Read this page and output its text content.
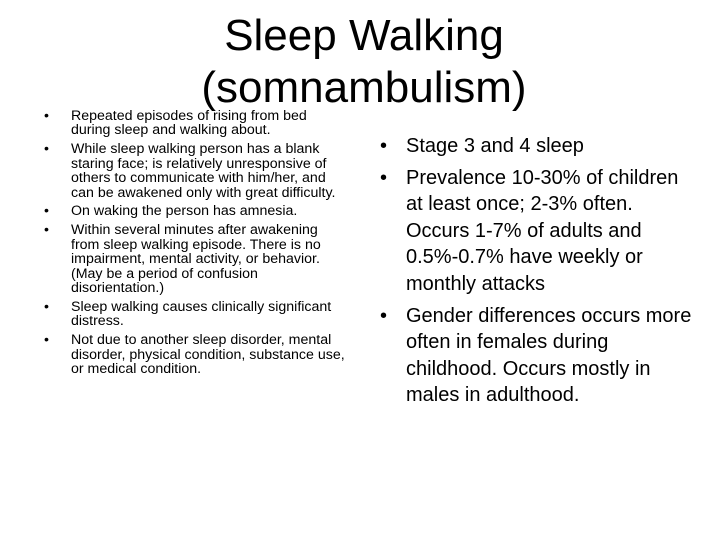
Sleep Walking
(somnambulism)
• Repeated episodes of rising from bed during sleep and walking about.
• While sleep walking person has a blank staring face; is relatively unresponsive of others to communicate with him/her, and can be awakened only with great difficulty.
• On waking the person has amnesia.
• Within several minutes after awakening from sleep walking episode. There is no impairment, mental activity, or behavior. (May be a period of confusion disorientation.)
• Sleep walking causes clinically significant distress.
• Not due to another sleep disorder, mental disorder, physical condition, substance use, or medical condition.
• Stage 3 and 4 sleep
• Prevalence 10-30% of children at least once; 2-3% often. Occurs 1-7% of adults and 0.5%-0.7% have weekly or monthly attacks
• Gender differences occurs more often in females during childhood. Occurs mostly in males in adulthood.
